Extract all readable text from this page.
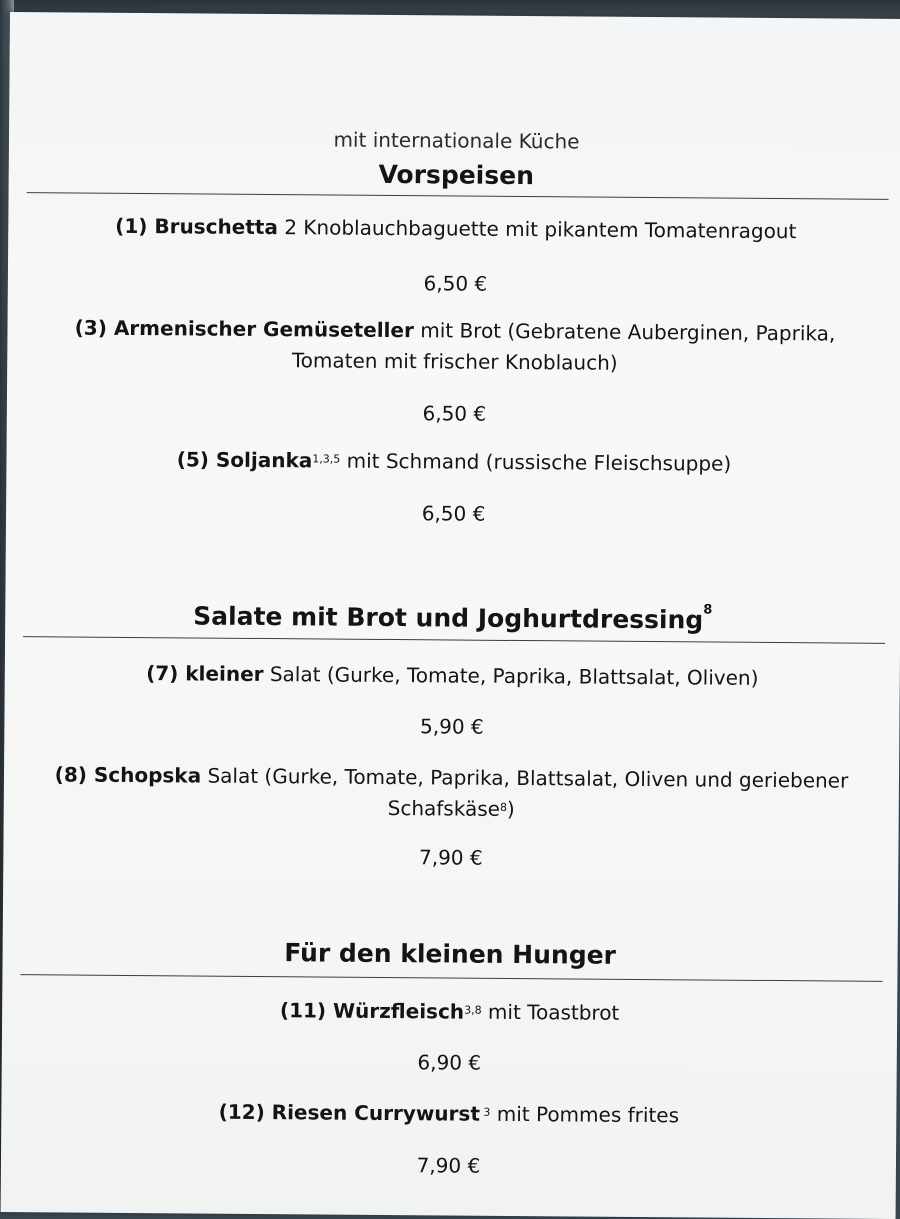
mit internationale Küche
Vorspeisen
(1) Bruschetta 2 Knoblauchbaguette mit pikantem Tomatenragout
6,50 €
(3) Armenischer Gemüseteller mit Brot (Gebratene Auberginen, Paprika,
Tomaten mit frischer Knoblauch)
6,50 €
(5) Soljanka$^{1,3,5}$ mit Schmand (russische Fleischsuppe)
6,50 €
Salate mit Brot und Joghurtdressing$^8$
(7) kleiner Salat (Gurke, Tomate, Paprika, Blattsalat, Oliven)
5,90 €
(8) Schopska Salat (Gurke, Tomate, Paprika, Blattsalat, Oliven und geriebener
Schafskäse$^8$)
7,90 €
Für den kleinen Hunger
(11) Würzfleisch$^{3,8}$ mit Toastbrot
6,90 €
(12) Riesen Currywurst $^3$ mit Pommes frites
7,90 €
